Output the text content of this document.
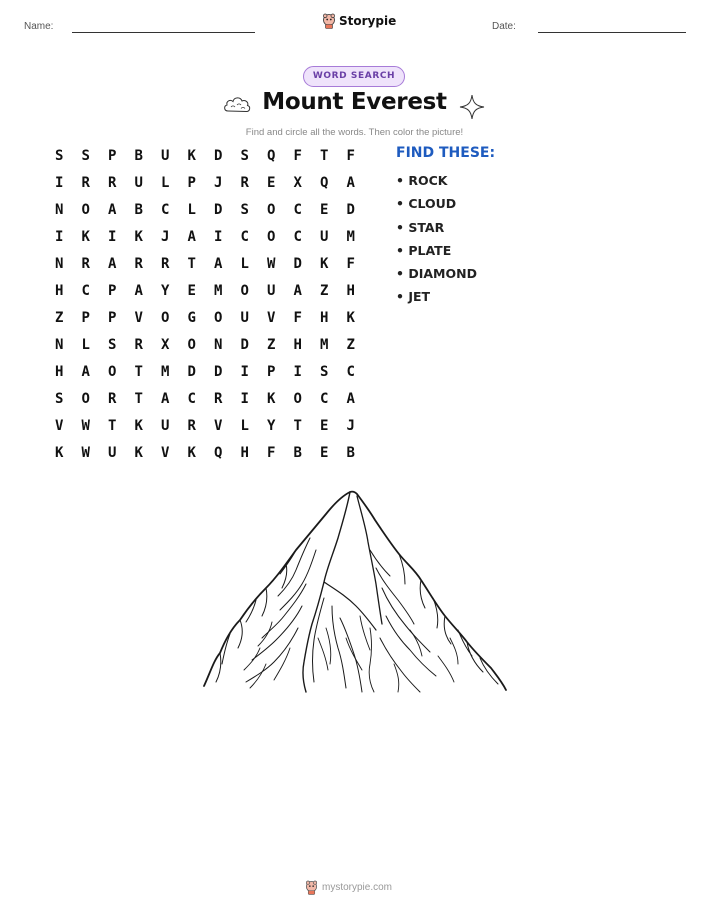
Name:	Storypie	Date:
WORD SEARCH
Mount Everest
Find and circle all the words. Then color the picture!
S	S	P	B	U	K	D	S	Q	F	T	F
I	R	R	U	L	P	J	R	E	X	Q	A
N	O	A	B	C	L	D	S	O	C	E	D
I	K	I	K	J	A	I	C	O	C	U	M
N	R	A	R	R	T	A	L	W	D	K	F
H	C	P	A	Y	E	M	O	U	A	Z	H
Z	P	P	V	O	G	O	U	V	F	H	K
N	L	S	R	X	O	N	D	Z	H	M	Z
H	A	O	T	M	D	D	I	P	I	S	C
S	O	R	T	A	C	R	I	K	O	C	A
V	W	T	K	U	R	V	L	Y	T	E	J
K	W	U	K	V	K	Q	H	F	B	E	B
FIND THESE:
• ROCK
• CLOUD
• STAR
• PLATE
• DIAMOND
• JET
mystorypie.com
